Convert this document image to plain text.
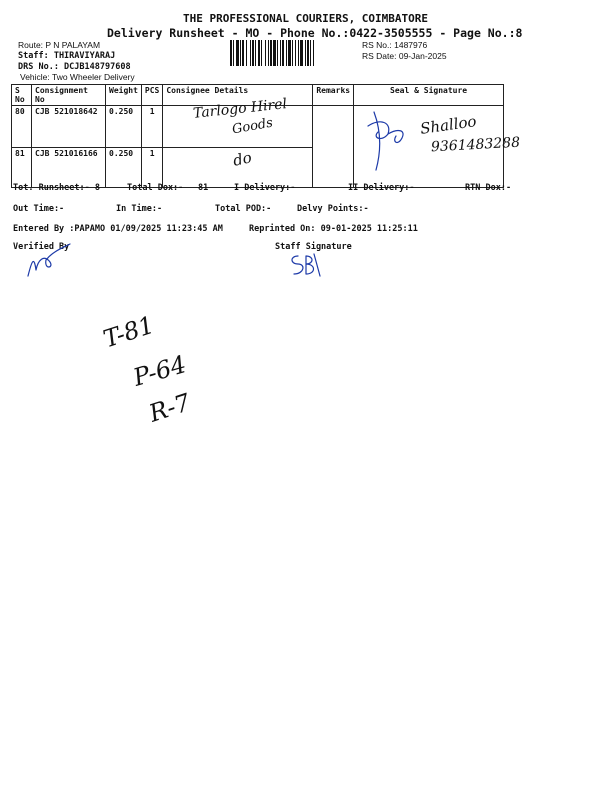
THE PROFESSIONAL COURIERS, COIMBATORE
Delivery Runsheet - MO - Phone No.:0422-3505555 - Page No.:8
Route: P N PALAYAM
Staff: THIRAVIYARAJ
DRS No.: DCJB148797608
Vehicle: Two Wheeler Delivery
RS No.: 1487976
RS Date: 09-Jan-2025
S No	Consignment No	Weight	PCS	Consignee Details	Remarks	Seal & Signature
80	CJB 521018642	0.250	1			
81	CJB 521016166	0.250	1			
Tot. Runsheet:- 8	Total Dox:- 81	I Delivery:-	II Delivery:-	RTN Dox:-
Out Time:-	In Time:-	Total POD:-	Delvy Points:-
Entered By :PAPAMO 01/09/2025 11:23:45 AM	Reprinted On: 09-01-2025 11:25:11
Verified By	Staff Signature
Tarlogo Hirel
Goods
do
Shalloo
9361483288
T-81
P-64
R-7
